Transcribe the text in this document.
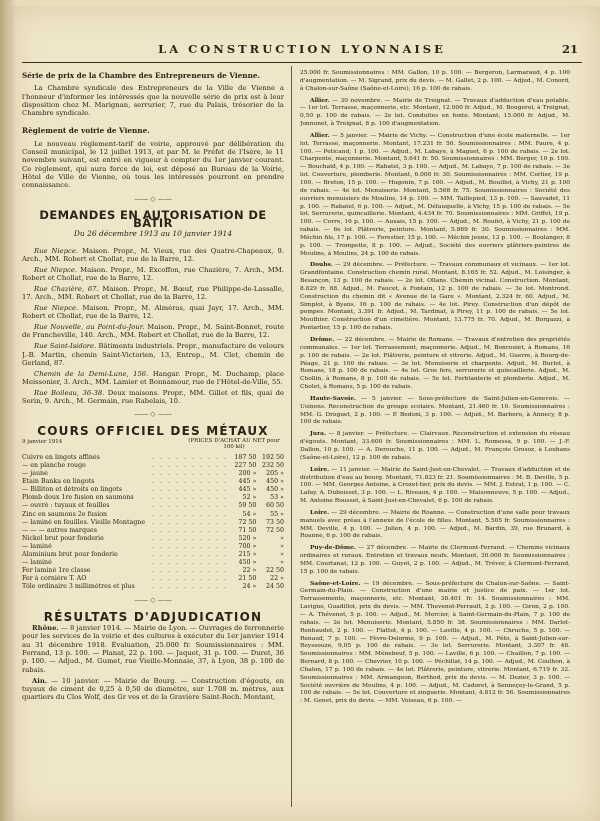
LA CONSTRUCTION LYONNAISE	21
Série de prix de la Chambre des Entrepreneurs de Vienne.

La Chambre syndicale des Entrepreneurs de la Ville de Vienne a l'honneur d'informer les intéressés que la nouvelle série de prix est à leur disposition chez M. Marignan, serrurier, 7, rue du Palais, trésorier de la Chambre syndicale.

Règlement de voirie de Vienne.

Le nouveau règlement-tarif de voirie, approuvé par délibération du Conseil municipal, le 12 juillet 1913, et par M. le Préfet de l'Isère, le 11 novembre suivant, est entré en vigueur à compter du 1er janvier courant. Ce règlement, qui aura force de loi, est déposé au Bureau de la Voirie, Hôtel de Ville de Vienne, où tous les intéressés pourront en prendre connaissance.

—— ◇ ——
DEMANDES EN AUTORISATION DE BATIR
Du 26 décembre 1913 au 10 janvier 1914

Rue Niepce. Maison. Propr., M. Vieux, rue des Quatre-Chapeaux, 9. Arch., MM. Robert et Chollat, rue de la Barre, 12.

Rue Niepce. Maison. Propr., M. Excoffon, rue Chazière, 7. Arch., MM. Robert et Chollat, rue de la Barre, 12.

Rue Chazière, 67. Maison. Propr., M. Bœuf, rue Philippe-de-Lassalle, 17. Arch., MM. Robert et Chollat, rue de la Barre, 12.

Rue Niepce. Maison. Propr., M. Alméras, quai Jayr, 17. Arch., MM. Robert et Chollat, rue de la Barre, 12.

Rue Nouvelle, au Point-du-Jour. Maison. Propr., M. Saint-Bonnet, route de Francheville, 140. Arch., MM. Robert et Chollat, rue de la Barre, 12.

Rue Saint-Isidore. Bâtiments industriels. Propr., manufacture de velours J.-B. Martin, chemin Saint-Victorien, 13, Entrep., M. Clet, chemin de Gerland, 87.

Chemin de la Demi-Lune, 156. Hangar. Propr., M. Duchamp, place Meissonier, 3. Arch., MM. Lamier et Bonnamour, rue de l'Hôtel-de-Ville, 55.

Rue Boileau, 36-38. Deux maisons. Propr., MM. Gillet et fils, quai de Serin, 9. Arch., M. Germain, rue Rabelais, 10.

—— ◇ ——
COURS OFFICIEL DES MÉTAUX
9 janvier 1914	(PRICES D'ACHAT AU NET pour 100 kil)
Cuivre en lingots affinés	. . . . . . . . . .	187 50	192 50
— en planche rouge	. . . . . . . . . .	227 50	232 50
— jaune	. . . . . . . . . .	200 »	205 »
Etain Banka en lingots	. . . . . . . . . .	445 »	450 »
— Billiton et détroits en lingots	. . . . . . . . . .	445 »	450 »
Plomb doux 1re fusion en saumons	. . . . . . . . . .	52 »	53 »
— ouvré : tuyaux et feuilles	. . . . . . . . . .	59 50	60 50
Zinc en saumons 2e fusion	. . . . . . . . . .	54 »	55 »
— laminé en feuilles. Vieille Montagne	. . . . . . . . . .	72 50	73 50
— — — autres marques	. . . . . . . . . .	71 50	72 50
Nickel brut pour fonderie	. . . . . . . . . .	520 »	»
— laminé	. . . . . . . . . .	700 »	»
Aluminium brut pour fonderie	. . . . . . . . . .	215 »	»
— laminé	. . . . . . . . . .	450 »	»
Fer laminé 1re classe	. . . . . . . . . .	22 »	22 50
Fer à cornière T. AO	. . . . . . . . . .	21 50	22 »
Tôle ordinaire 3 millimètres et plus	. . . . . . . . . .	24 »	24 50
—— ◇ ——
RÉSULTATS D'ADJUDICATION

Rhône. — 8 janvier 1914. — Mairie de Lyon. — Ouvrages de ferronnerie pour les services de la voirie et des cultures à exécuter du 1er janvier 1914 au 31 décembre 1918. Évaluation, 25.000 fr. Soumissionnaires : MM. Ferrand, 13 p. 100. — Planat, 22 p. 100. — Jaquet, 31 p. 100. — Duret, 36 p. 100. — Adjud., M. Gumet, rue Vieille-Monnaie, 37, à Lyon, 38 p. 100 de rabais.

Ain. — 10 janvier. — Mairie de Bourg. — Construction d'égouts, en tuyaux de ciment de 0,25 à 0,50 de diamètre, sur 1.708 m. mètres, aux quartiers du Clos Wolf, des Gr ves et de la Gravière Saint-Roch. Montant,

25.000 fr. Soumissionnaires : MM. Gallon, 10 p. 100. — Bergeron, Larmaraud, 4 p. 100 d'augmentation. — M. Sigrand, prix du devis. — M. Gallet, 2 p. 100. — Adjud., M. Conord, à Chalon-sur-Saône (Saône-et-Loire), 16 p. 100 de rabais.

Allier. — 30 novembre. — Mairie de Treignat. — Travaux d'adduction d'eau potable. — 1er lot. Terrasse, maçonnerie, etc. Montant, 12.000 fr. Adjud., M. Bougerol, à Treignat, 0,50 p. 100 de rabais. — 2e lot. Conduites en fonte. Montant, 15.000 fr. Adjud., M. Jonnunet, à Treignat, 8 p. 100 d'augmentation.

Allier. — 5 janvier. — Mairie de Vichy. — Construction d'une école maternelle. — 1er lot. Terrasse, maçonnerie. Montant, 17.231 fr. 50. Soumissionnaires : MM. Faure, 4 p. 100. — Peticand, 1 p. 100. — Adjud., M. Labaye, à Maguet, 6 p. 100 de rabais. — 2e lot. Charpente, maçonnerie. Montant, 5.641 fr. 50. Soumissionnaires : MM. Berger, 10 p. 100. — Bouchaïd, 4 p. 100. — Rabatel, 3 p. 100. — Adjud., M. Labaye, 7 p. 100 de rabais. — 3e lot. Couverture, plomberie. Montant, 6.000 fr. 30. Soumissionnaires : MM. Cerlier, 19 p. 100. — Breton, 15 p. 100. — Hugonin, 7 p. 100. — Adjud., M. Bouillot, à Vichy, 21 p. 100 de rabais. — 4e lot. Menuiserie. Montant, 5.568 fr. 75. Soumissionnaires : Société des ouvriers menuisiers de Moulins, 14 p. 100. — MM. Taillepied, 13 p. 100. — Sauvadet, 11 p. 100. — Rabatel, 6 p. 100. — Adjud., M. Défauquelle, à Vichy, 15 p. 100 de rabais. — 5e lot. Serrurerie, quincaillerie. Montant, 4.434 fr. 70. Soumissionnaires : MM. Griffet, 19 p. 100. — Corre, 16 p. 100. — Auxais, 15 p. 100. — Adjud., M. Roufet, à Vichy, 21 p. 100 de rabais. — 6e lot. Plâtrerie, peinture. Montant, 5.869 fr. 30. Soumissionnaires : MM. Méchin fils, 17 p. 100. — Forestier, 15 p. 100. — Méchin jeune, 13 p. 100. — Boulanger, 8 p. 100. — Trompette, 8 p. 100. — Adjud., Société des ouvriers plâtriers-peintres de Moulins, à Moulins, 24 p. 100 de rabais.

Doubs. — 29 décembre. — Préfecture. — Travaux communaux et vicinaux. — 1er lot. Grandfontaine. Construction chemin rural. Montant, 8.165 fr. 52. Adjud., M. Loisinger, à Besançon, 13 p. 100 de rabais. — 2e lot. Ollans. Chemin vicinal. Construction. Montant, 8.829 fr. 88. Adjud., M. Faucet, à Fontain, 12 p. 100 de rabais. — 3e lot. Montrond. Construction du chemin dit « Avenue de la Gare ». Montant, 2.324 fr. 60. Adjud., M. Simplot, à Byans, 16 p. 100 de rabais. — 4e lot. Pirey. Construction d'un dépôt de pompes. Montant, 3.391 fr. Adjud., M. Tardinat, à Pirey, 11 p. 100 de rabais. — 5e lot. Mouthier. Construction d'un cimetière. Montant, 13.775 fr. 70. Adjud., M. Borgazzi, à Pontarlier, 15 p. 100 de rabais.

Drôme. — 22 décembre. — Mairie de Romans. — Travaux d'entretien des propriétés communales. — 1er lot. Terrassement, maçonnerie. Adjud., M. Bonrouiet, à Romans, 16 p. 100 de rabais. — 2e lot. Plâtrerie, peinture et vitrerie. Adjud., M. Guerre, à Bourg-de-Péage, 21 p. 100 de rabais. — 3e lot. Menuiserie et charpente. Adjud., M. Burlet, à Romans, 18 p. 100 de rabais. — 4e lot. Gros fers, serrurerie et quincaillerie. Adjud., M. Chollin, à Romans, 8 p. 100 de rabais. — 5e lot. Ferblanterie et plomberie. Adjud., M. Cholet, à Romans, 5 p. 100 de rabais.

Haute-Savoie. — 5 janvier. — Sous-préfecture de Saint-Julien-en-Genevois. — Usinens. Reconstruction du groupe scolaire. Montant, 21.460 fr. 10. Soumissionnaires : MM. G. Droguet, 2 p. 100. — P. Bedoni, 3 p. 100. — Adjud., M. Barbero, à Annecy, 8 p. 100 de rabais.

Jura. — 8 janvier. — Préfecture. — Clairvaux. Reconstruction et extension du réseau d'égouts. Montant, 33.600 fr. Soumissionnaires : MM. L. Romessa, 9 p. 100. — J.-F. Dallon, 10 p. 100. — A. Derouche, 11 p. 100. — Adjud., M. François Grosoz, à Louhans (Saône-et-Loire), 12 p. 100 de rabais.

Loire. — 11 janvier. — Mairie de Saint-Just-en-Chevalet. — Travaux d'adduction et de distribution d'eau au bourg. Montant, 71.823 fr. 21. Soumissionnaires : M. B. Deville, 5 p. 100. — MM. Georges Antoine, à Crozet-tier, prix du devis. — MM. J. Estrat, 1 p. 100. — C. Lafay. A. Duboisset, 3 p. 100. — L. Riveaux, 4 p. 100. — Maisonneuve, 5 p. 100. — Adjud., M. Antoine Rousset, à Saint-Just-en-Chevalet, 6 p. 100 de rabais.

Loire. — 29 décembre. — Mairie de Roanne. — Construction d'une salle pour travaux manuels avec préau à l'annexe de l'école de filles. Montant, 5.505 fr. Soumissionnaires : MM. Deville, 4 p. 100. — Julien, 4 p. 100. — Adjud., M. Bardin, 39, rue Brunard, à Roanne, 6 p. 100 de rabais.

Puy-de-Dôme. — 27 décembre. — Mairie de Clermont-Ferrand. — Chemins vicinaux ordinaires et ruraux. Entretien et travaux neufs. Montant, 30.000 fr. Soumissionnaires : MM. Courtanat, 12 p. 100. — Guyot, 2 p. 100. — Adjud., M. Tréver, à Clermont-Ferrand, 15 p. 100 de rabais.

Saône-et-Loire. — 19 décembre. — Sous-préfecture de Chalon-sur-Saône. — Saint-Germain-du-Plain. — Construction d'une mairie et justice de paix. — 1er lot. Terrassements, maçonnerie, etc. Montant, 38.401 fr. 14. Soumissionnaires : MM. Lavigne, Guadillot, prix du devis. — MM. Thevenot-Perrault, 2 p. 100. — Giron, 2 p. 100. — A. Thévenot, 5 p. 100. — Adjud., M. Mercier, à Saint-Germain-du-Plain, 7 p. 100 de rabais. — 2e lot. Menuiserie. Montant, 5.850 fr. 38. Soumissionnaires : MM. Darlot-Renbaudet, 2 p. 100. — Flattot, 4 p. 100. — Laville, 4 p. 100. — Chruche, 5 p. 100. — Renaud, 7 p. 100. — Fèvre-Delorme, 9 p. 100. — Adjud., M. Péto, à Saint-Julien-sur-Reyssouze, 9,05 p. 100 de rabais. — 3e lot. Serrurerie. Montant, 3.307 fr. 48. Soumissionnaires : MM. Ménebeuf, 5 p. 100. — Laville, 6 p. 100. — Chaillon, 7 p. 100. — Bernard, 8 p. 100. — Chevrier, 10 p. 100. — Péchillat, 14 p. 100. — Adjud., M. Coulhon, à Chalon, 17 p. 100 de rabais. — 4e lot. Plâtrerie, peinture, vitrerie. Montant, 6.719 fr. 32. Soumissionnaires : MM. Armangeon, Berthod, prix du devis. — M. Dezier, 3 p. 100. — Société ouvrière de Moulins, 4 p. 100. — Adjud., M. Cadoret, à Senneçey-le-Grand, 5 p. 100 de rabais. — 5e lot. Couverture et zinguerie. Montant, 4.812 fr. 56. Soumissionnaires : M. Genet, prix du devis. — MM. Voiseau, 6 p. 100. —
